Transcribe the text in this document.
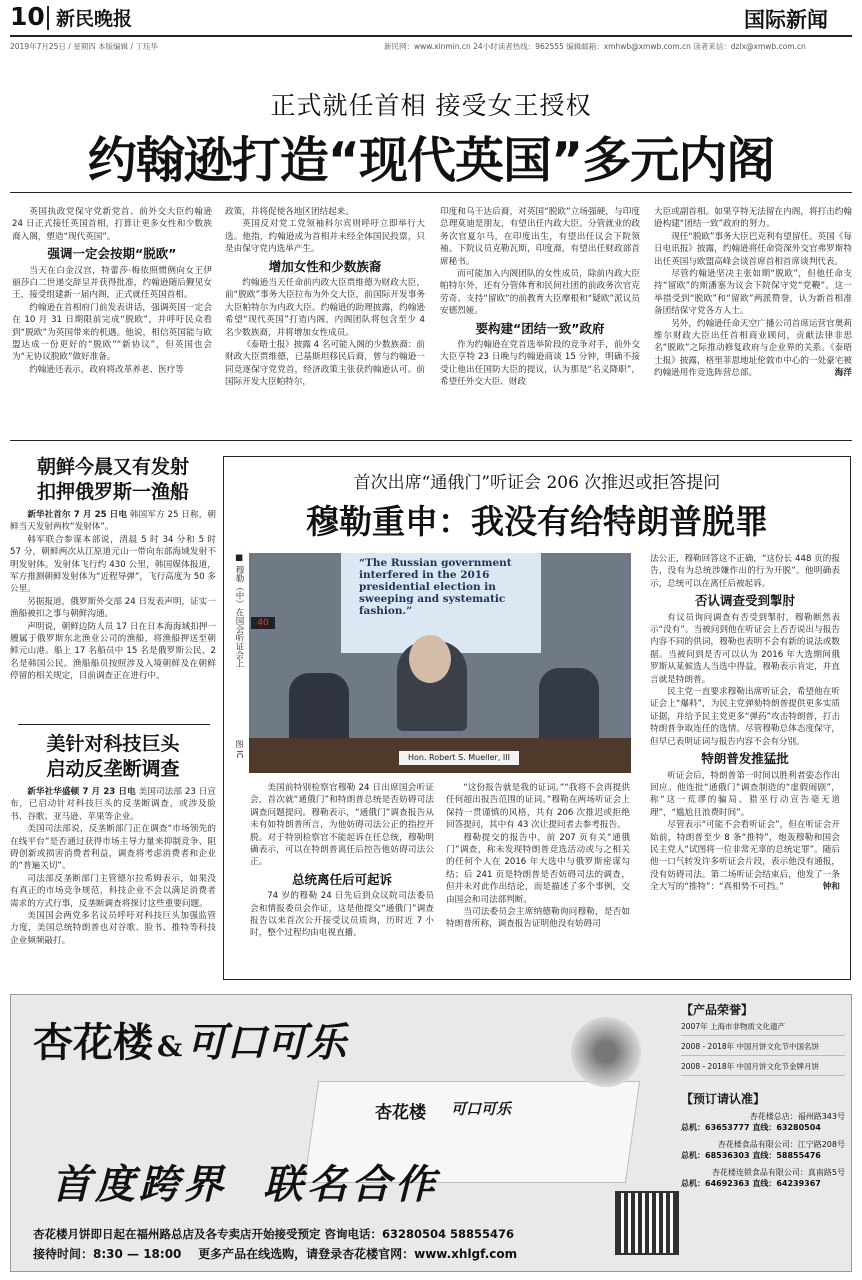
10 新民晚报	国际新闻
2019年7月25日 / 星期四 本版编辑 / 丁珏华	新民网：www.xinmin.cn 24小时读者热线：962555 编辑邮箱：xmhwb@xmwb.com.cn 读者来信：dzlx@xmwb.com.cn
正式就任首相 接受女王授权
约翰逊打造“现代英国”多元内阁

英国执政党保守党新党首、前外交大臣约翰逊 24 日正式接任英国首相，打算让更多女性和少数族裔入阁，塑造“现代英国”。

强调一定会按期“脱欧”

当天在白金汉宫，特蕾莎·梅依照惯例向女王伊丽莎白二世递交辞呈并获得批准，约翰逊随后觐见女王，接受组建新一届内阁，正式就任英国首相。

约翰逊在首相府门前发表讲话，强调英国一定会在 10 月 31 日期限前完成“脱欧”，并呼吁民众看到“脱欧”为英国带来的机遇。他说，相信英国能与欧盟达成一份更好的“脱欧”“新协议”，但英国也会为“无协议脱欧”做好准备。

约翰逊还表示，政府将改革养老、医疗等

政策，并将促使各地区团结起来。

英国反对党工党领袖科尔宾则呼吁立即举行大选。他指，约翰逊成为首相并未经全体国民投票，只是由保守党内选举产生。

增加女性和少数族裔

约翰逊当天任命前内政大臣贾维德为财政大臣，前“脱欧”事务大臣拉布为外交大臣，前国际开发事务大臣帕特尔为内政大臣。约翰逊的助理披露，约翰逊希望“现代英国”打造内阁，内阁团队将包含至少 4 名少数族裔，并将增加女性成员。

《泰晤士报》披露 4 名可能入阁的少数族裔：前财政大臣贾维德，已基斯坦移民后裔，曾与约翰逊一同竞逐保守党党首，经济政策主张获约翰逊认可。前国际开发大臣帕特尔，

印度和乌干达后裔，对英国“脱欧”立场强硬，与印度总理莫迪是朋友，有望出任内政大臣。分管就业的政务次官夏尔马，在印度出生，有望出任议会下院领袖。下院议员克勒瓦斯，印度裔，有望出任财政部首席秘书。

而可能加入内阁团队的女性成员，除前内政大臣帕特尔外，还有分管体育和民间社团的前政务次官克劳奇、支持“留欧”的前教育大臣摩根和“疑欧”派议员安德烈娅。

要构建“团结一致”政府

作为约翰逊在党首选举阶段的竞争对手，前外交大臣亨特 23 日晚与约翰逊商谈 15 分钟，明确不接受让他出任国防大臣的提议，认为那是“名义降职”，希望任外交大臣、财政

大臣或副首相。如果亨特无法留在内阁，将打击约翰逊构建“团结一致”政府的努力。

现任“脱欧”事务大臣巴克利有望留任。英国《每日电讯报》披露，约翰逊将任命资深外交官弗罗斯特出任英国与欧盟高峰会谈首席首相首席谈判代表。

尽管约翰逊坚决主张如期“脱欧”，但他任命支持“留欧”的斯潘塞为议会下院保守党“党鞭”。这一举措受到“脱欧”和“留欧”两派赞誉，认为新首相准备团结保守党各方人士。

另外，约翰逊任命天空广播公司首席运营官奥莉维尔财政大臣出任首相商业顾问，贡献法律非思名“脱欧”之际推动修复政府与企业界的关系。《泰晤士报》披露，格里菲恩地址伦敦市中心的一处豪宅被约翰逊用作竞选阵营总部。	海洋

朝鲜今晨又有发射
扣押俄罗斯一渔船

新华社首尔 7 月 25 日电 韩国军方 25 日称，朝鲜当天发射两枚“发射体”。

韩军联合参谋本部说，清晨 5 时 34 分和 5 时 57 分，朝鲜两次从江原道元山一带向东部海域发射不明发射体。发射体飞行约 430 公里，韩国媒体报道，军方推测朝鲜发射体为“近程导弹”，飞行高度为 50 多公里。

另据报道，俄罗斯外交部 24 日发表声明，证实一渔船被扣之事与朝鲜沟通。

声明说，朝鲜边防人员 17 日在日本海海域扣押一艘属于俄罗斯东北渔业公司的渔船，将渔船押送至朝鲜元山港。船上 17 名船员中 15 名是俄罗斯公民，2 名是韩国公民。渔船船员按照涉及入境朝鲜及在朝鲜停留的相关规定，目前调查正在进行中。

美针对科技巨头
启动反垄断调查

新华社华盛顿 7 月 23 日电 美国司法部 23 日宣布，已启动针对科技巨头的反垄断调查，或涉及脸书、谷歌、亚马逊、苹果等企业。

美国司法部说，反垄断部门正在调查“市场领先的在线平台”是否通过获得市场主导力量来抑制竞争、阻碍创新或损害消费者利益，调查将考虑消费者和企业的“普遍关切”。

司法部反垄断部门主管德尔拉希姆表示，如果没有真正的市场竞争规范，科技企业不会以满足消费者需求的方式行事，反垄断调查将探讨这些重要问题。

美国国会两党多名议员呼吁对科技巨头加强监管力度，美国总统特朗普也对谷歌、脸书、推特等科技企业频频敲打。

首次出席“通俄门”听证会 206 次推迟或拒答提问
穆勒重申：我没有给特朗普脱罪
■ 穆勒（中）在国会听证会上
图 IC
“The Russian government interfered in the 2016 presidential election in sweeping and systematic fashion.”
40
Hon. Robert S. Mueller, III

美国前特别检察官穆勒 24 日出席国会听证会，首次就“通俄门”和特朗普总统是否妨碍司法调查问题提问。穆勒表示，“通俄门”调查报告从未有如特朗普所言，为他妨碍司法公正的指控开脱。对于特别检察官不能起诉在任总统，穆勒明确表示，可以在特朗普离任后控告他妨碍司法公正。

总统离任后可起诉

74 岁的穆勒 24 日先后到众议院司法委员会和情报委员会作证，这是他提交“通俄门”调查报告以来首次公开接受议员质询，历时近 7 小时，整个过程均由电视直播。

“这份报告就是我的证词。”“我将不会再提供任何超出报告范围的证词。”穆勒在两场听证会上保持一贯谨慎的风格，共有 206 次推迟或拒绝回答提问，其中有 43 次让提问者去参考报告。

穆勒提交的报告中，前 207 页有关“通俄门”调查，称未发现特朗普竞选活动或与之相关的任何个人在 2016 年大选中与俄罗斯密谋勾结；后 241 页是特朗普是否妨碍司法的调查，但并未对此作出结论，而是描述了多个事例，交由国会和司法部判断。

当司法委员会主席纳德勒询问穆勒，是否如特朗普所称，调查报告证明他没有妨碍司

法公正，穆勒回答这不正确，“这份长 448 页的报告，没有为总统涉嫌作出的行为开脱”。他明确表示，总统可以在离任后被起诉。

否认调查受到掣肘

有议员询问调查有否受到掣肘，穆勒断然表示“没有”。当被问到他在听证会上否否说出与报告内容不同的供词，穆勒也表明不会有新的说法或数据。当被问到是否可以认为 2016 年大选期间俄罗斯从某候选人当选中得益，穆勒表示肯定，并直言就是特朗普。

民主党一直要求穆勒出席听证会，希望他在听证会上“爆料”，为民主党弹劾特朗普提供更多实质证据，并给予民主党更多“弹药”攻击特朗普，打击特朗普争取连任的选情。尽管穆勒总体态度保守，但早已表明证词与报告内容不会有分别。

特朗普发推猛批

听证会后，特朗普第一时间以胜利者姿态作出回应。他连批“通俄门”调查制造的“虚假闹剧”，称“这一荒谬的骗局、猎巫行动宣告毫无道理”，“尴尬且浪费时间”。

尽管表示“可能不会看听证会”，但在听证会开始前，特朗普至少 8 条“推特”，炮轰穆勒和国会民主党人“试图将一位非常无辜的总统定罪”。随后他一口气转发许多听证会片段，表示他没有通报，没有妨碍司法。第二场听证会结束后，他发了一条全大写的“推特”：“真相势不可挡。”	钟和

杏花楼 & 可口可乐
杏花楼 可口可乐
首度跨界  联名合作
杏花楼月饼即日起在福州路总店及各专卖店开始接受预定 咨询电话：63280504 58855476
接待时间：8:30 — 18:00    更多产品在线选购，请登录杏花楼官网：www.xhlgf.com
【产品荣誉】
2007年 上海市非物质文化遗产
2008 - 2018年 中国月饼文化节中国名饼
2008 - 2018年 中国月饼文化节金牌月饼
【预订请认准】
杏花楼总店：福州路343号
总机：63653777 直线：63280504
杏花楼食品有限公司：江宁路208号
总机：68536303 直线：58855476
杏花楼连锁食品有限公司：真南路5号
总机：64692363 直线：64239367
